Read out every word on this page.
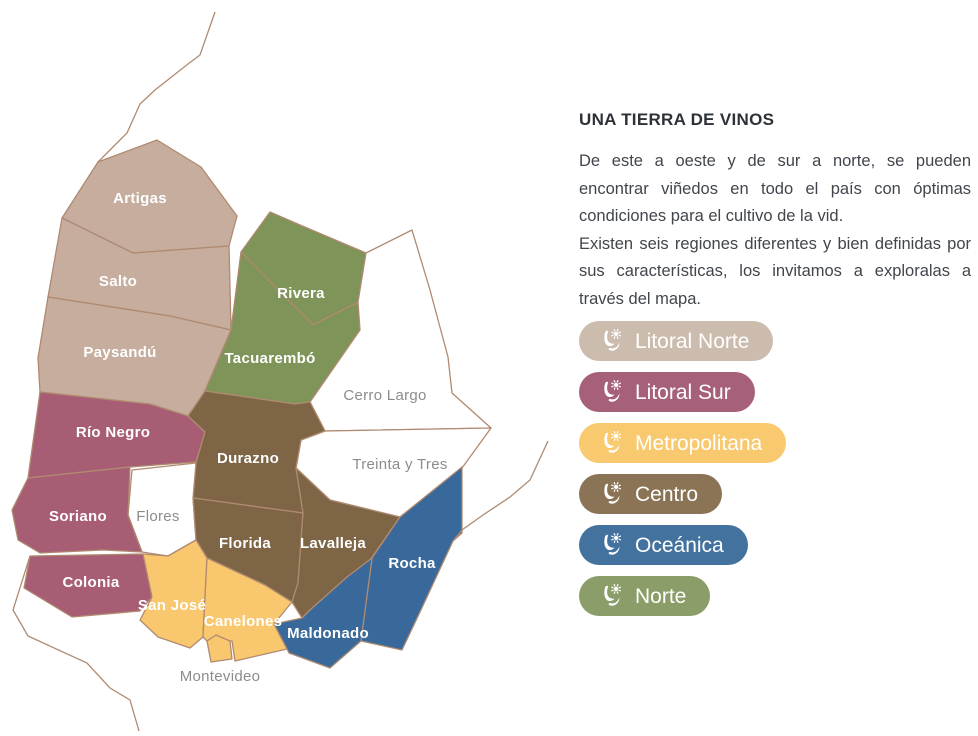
Artigas
Salto
Paysandú
Rivera
Tacuarembó
Cerro Largo
Treinta y Tres
Río Negro
Durazno
Flores
Soriano
Florida Lavalleja
Colonia
San José
Canelones
Montevideo
Rocha
Maldonado
UNA TIERRA DE VINOS

De este a oeste y de sur a norte, se pueden encontrar viñedos en todo el país con óptimas condiciones para el cultivo de la vid.

Existen seis regiones diferentes y bien definidas por sus características, los invitamos a exploralas a través del mapa.

Litoral Norte
Litoral Sur
Metropolitana
Centro
Oceánica
Norte
